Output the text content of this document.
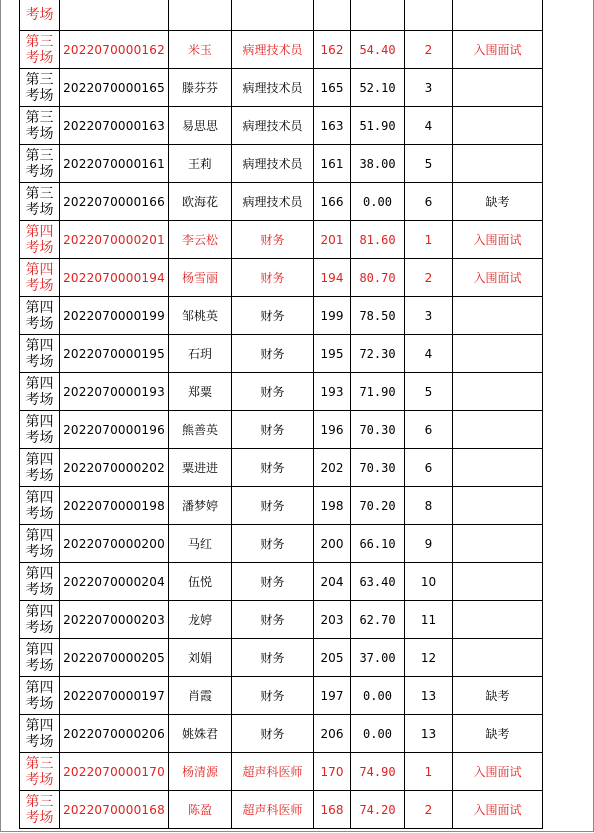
考场							

第三
考场	2022070000162	米玉	病理技术员	162	54.40	2	入围面试

第三
考场	2022070000165	滕芬芬	病理技术员	165	52.10	3	

第三
考场	2022070000163	易思思	病理技术员	163	51.90	4	

第三
考场	2022070000161	王莉	病理技术员	161	38.00	5	

第三
考场	2022070000166	欧海花	病理技术员	166	0.00	6	缺考

第四
考场	2022070000201	李云松	财务	201	81.60	1	入围面试

第四
考场	2022070000194	杨雪丽	财务	194	80.70	2	入围面试

第四
考场	2022070000199	邹桃英	财务	199	78.50	3	

第四
考场	2022070000195	石玥	财务	195	72.30	4	

第四
考场	2022070000193	郑粟	财务	193	71.90	5	

第四
考场	2022070000196	熊善英	财务	196	70.30	6	

第四
考场	2022070000202	粟进进	财务	202	70.30	6	

第四
考场	2022070000198	潘梦婷	财务	198	70.20	8	

第四
考场	2022070000200	马红	财务	200	66.10	9	

第四
考场	2022070000204	伍悦	财务	204	63.40	10	

第四
考场	2022070000203	龙婷	财务	203	62.70	11	

第四
考场	2022070000205	刘娟	财务	205	37.00	12	

第四
考场	2022070000197	肖霞	财务	197	0.00	13	缺考

第四
考场	2022070000206	姚姝君	财务	206	0.00	13	缺考

第三
考场	2022070000170	杨清源	超声科医师	170	74.90	1	入围面试

第三
考场	2022070000168	陈盈	超声科医师	168	74.20	2	入围面试
